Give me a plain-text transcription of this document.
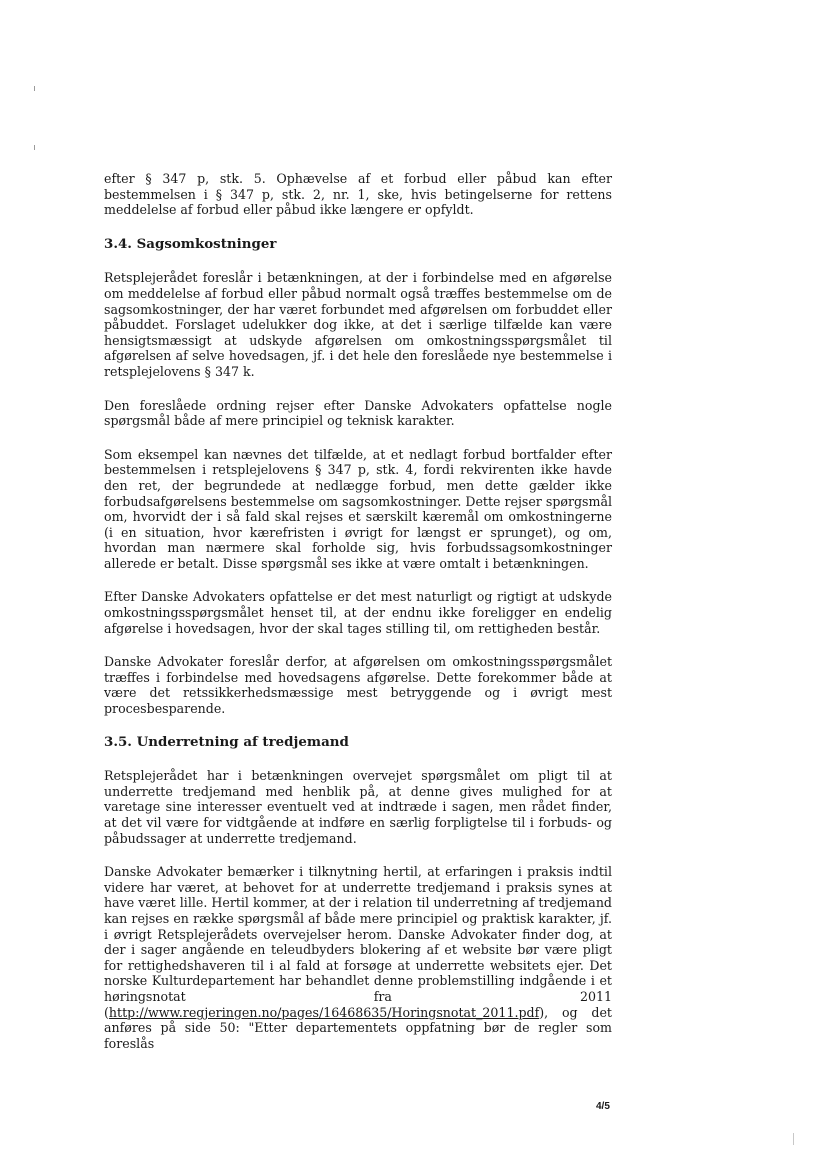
efter § 347 p, stk. 5. Ophævelse af et forbud eller påbud kan efter bestemmelsen i § 347 p, stk. 2, nr. 1, ske, hvis betingelserne for rettens meddelelse af forbud eller påbud ikke længere er opfyldt.

3.4. Sagsomkostninger

Retsplejerådet foreslår i betænkningen, at der i forbindelse med en afgørelse om meddelelse af forbud eller påbud normalt også træffes bestemmelse om de sagsomkostninger, der har været forbundet med afgørelsen om forbuddet eller påbuddet. Forslaget udelukker dog ikke, at det i særlige tilfælde kan være hensigtsmæssigt at udskyde afgørelsen om omkostningsspørgsmålet til afgørelsen af selve hovedsagen, jf. i det hele den foreslåede nye bestemmelse i retsplejelovens § 347 k.

Den foreslåede ordning rejser efter Danske Advokaters opfattelse nogle spørgsmål både af mere principiel og teknisk karakter.

Som eksempel kan nævnes det tilfælde, at et nedlagt forbud bortfalder efter bestemmelsen i retsplejelovens § 347 p, stk. 4, fordi rekvirenten ikke havde den ret, der begrundede at nedlægge forbud, men dette gælder ikke forbudsafgørelsens bestemmelse om sagsomkostninger. Dette rejser spørgsmål om, hvorvidt der i så fald skal rejses et særskilt kæremål om omkostningerne (i en situation, hvor kærefristen i øvrigt for længst er sprunget), og om, hvordan man nærmere skal forholde sig, hvis forbudssagsomkostninger allerede er betalt. Disse spørgsmål ses ikke at være omtalt i betænkningen.

Efter Danske Advokaters opfattelse er det mest naturligt og rigtigt at udskyde omkostningsspørgsmålet henset til, at der endnu ikke foreligger en endelig afgørelse i hovedsagen, hvor der skal tages stilling til, om rettigheden består.

Danske Advokater foreslår derfor, at afgørelsen om omkostningsspørgsmålet træffes i forbindelse med hovedsagens afgørelse. Dette forekommer både at være det retssikkerhedsmæssige mest betryggende og i øvrigt mest procesbesparende.

3.5. Underretning af tredjemand

Retsplejerådet har i betænkningen overvejet spørgsmålet om pligt til at underrette tredjemand med henblik på, at denne gives mulighed for at varetage sine interesser eventuelt ved at indtræde i sagen, men rådet finder, at det vil være for vidtgående at indføre en særlig forpligtelse til i forbuds- og påbudssager at underrette tredjemand.

Danske Advokater bemærker i tilknytning hertil, at erfaringen i praksis indtil videre har været, at behovet for at underrette tredjemand i praksis synes at have været lille. Hertil kommer, at der i relation til underretning af tredjemand kan rejses en række spørgsmål af både mere principiel og praktisk karakter, jf. i øvrigt Retsplejerådets overvejelser herom. Danske Advokater finder dog, at der i sager angående en teleudbyders blokering af et website bør være pligt for rettighedshaveren til i al fald at forsøge at underrette websitets ejer. Det norske Kulturdepartement har behandlet denne problemstilling indgående i et høringsnotat fra 2011 (http://www.regjeringen.no/pages/16468635/Horingsnotat_2011.pdf), og det anføres på side 50: "Etter departementets oppfatning bør de regler som foreslås

4/5
